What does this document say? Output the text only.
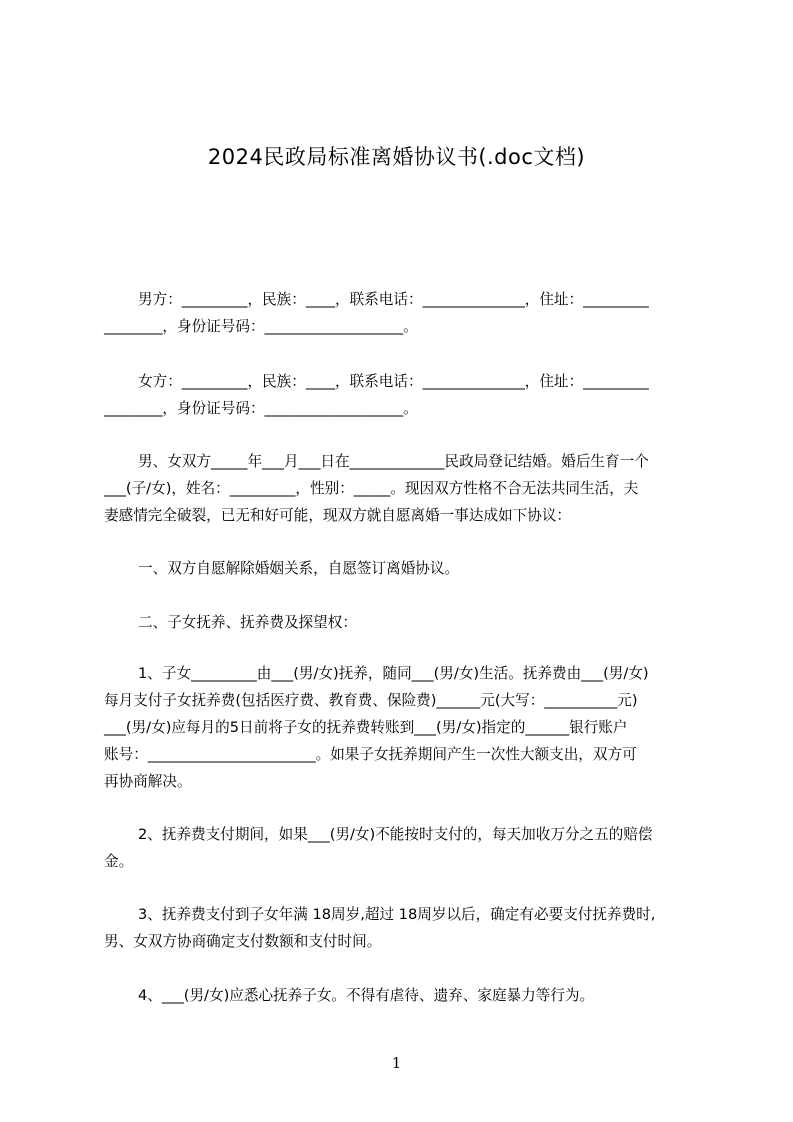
2024民政局标准离婚协议书(.doc文档)
男方：_________，民族：____，联系电话：______________，住址：_________
________，身份证号码：___________________。
女方：_________，民族：____，联系电话：______________，住址：_________
________，身份证号码：___________________。
男、女双方_____年___月___日在_____________民政局登记结婚。婚后生育一个
___(子/女)，姓名：_________，性别：_____。现因双方性格不合无法共同生活，夫
妻感情完全破裂，已无和好可能，现双方就自愿离婚一事达成如下协议：
一、双方自愿解除婚姻关系，自愿签订离婚协议。
二、子女抚养、抚养费及探望权：
1、子女_________由___(男/女)抚养，随同___(男/女)生活。抚养费由___(男/女)
每月支付子女抚养费(包括医疗费、教育费、保险费)______元(大写：__________元)
___(男/女)应每月的5日前将子女的抚养费转账到___(男/女)指定的______银行账户
账号：_______________________。如果子女抚养期间产生一次性大额支出，双方可
再协商解决。
2、抚养费支付期间，如果___(男/女)不能按时支付的，每天加收万分之五的赔偿
金。
3、抚养费支付到子女年满 18周岁,超过 18周岁以后，确定有必要支付抚养费时,
男、女双方协商确定支付数额和支付时间。
4、___(男/女)应悉心抚养子女。不得有虐待、遗弃、家庭暴力等行为。
1
